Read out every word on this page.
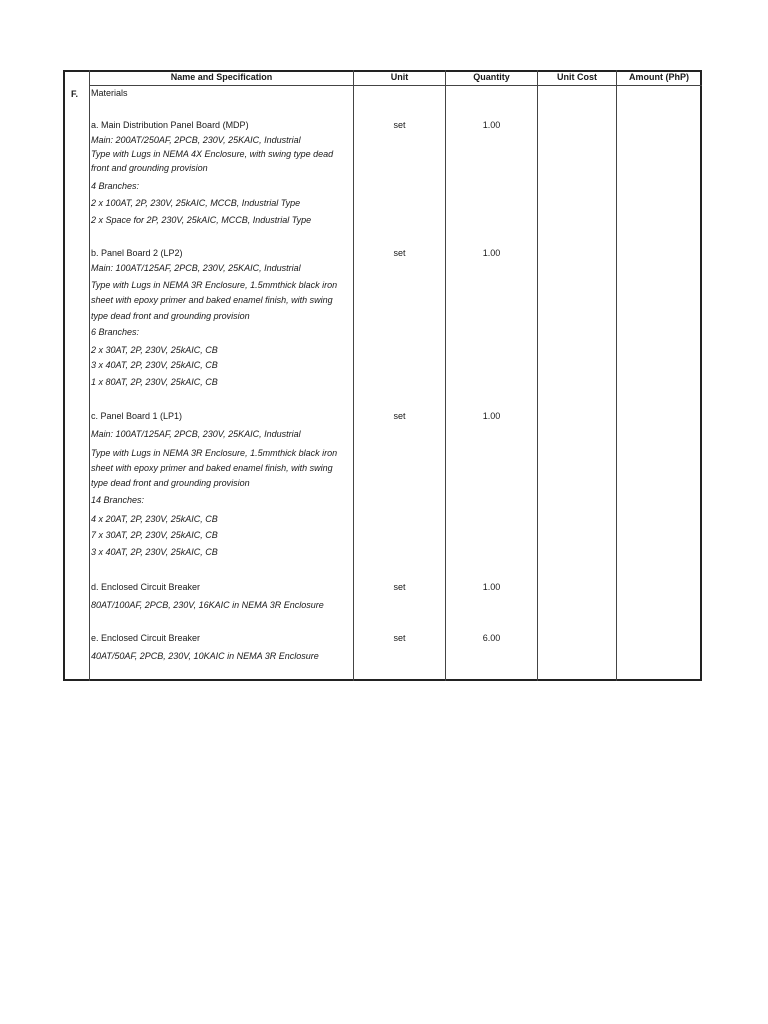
Name and Specification	Unit	Quantity	Unit Cost	Amount (PhP)
F. Materials
a. Main Distribution Panel Board (MDP)	set	1.00
Main: 200AT/250AF, 2PCB, 230V, 25KAIC, Industrial
Type with Lugs in NEMA 4X Enclosure, with swing type dead
front and grounding provision
4 Branches:
2 x 100AT, 2P, 230V, 25kAIC, MCCB, Industrial Type
2 x Space for 2P, 230V, 25kAIC, MCCB, Industrial Type
b. Panel Board 2 (LP2)	set	1.00
Main: 100AT/125AF, 2PCB, 230V, 25KAIC, Industrial
Type with Lugs in NEMA 3R Enclosure, 1.5mmthick black iron
sheet with epoxy primer and baked enamel finish, with swing
type dead front and grounding provision
6 Branches:
2 x 30AT, 2P, 230V, 25kAIC, CB
3 x 40AT, 2P, 230V, 25kAIC, CB
1 x 80AT, 2P, 230V, 25kAIC, CB
c. Panel Board 1 (LP1)	set	1.00
Main: 100AT/125AF, 2PCB, 230V, 25KAIC, Industrial
Type with Lugs in NEMA 3R Enclosure, 1.5mmthick black iron
sheet with epoxy primer and baked enamel finish, with swing
type dead front and grounding provision
14 Branches:
4 x 20AT, 2P, 230V, 25kAIC, CB
7 x 30AT, 2P, 230V, 25kAIC, CB
3 x 40AT, 2P, 230V, 25kAIC, CB
d. Enclosed Circuit Breaker	set	1.00
80AT/100AF, 2PCB, 230V, 16KAIC in NEMA 3R Enclosure
e. Enclosed Circuit Breaker	set	6.00
40AT/50AF, 2PCB, 230V, 10KAIC in NEMA 3R Enclosure
